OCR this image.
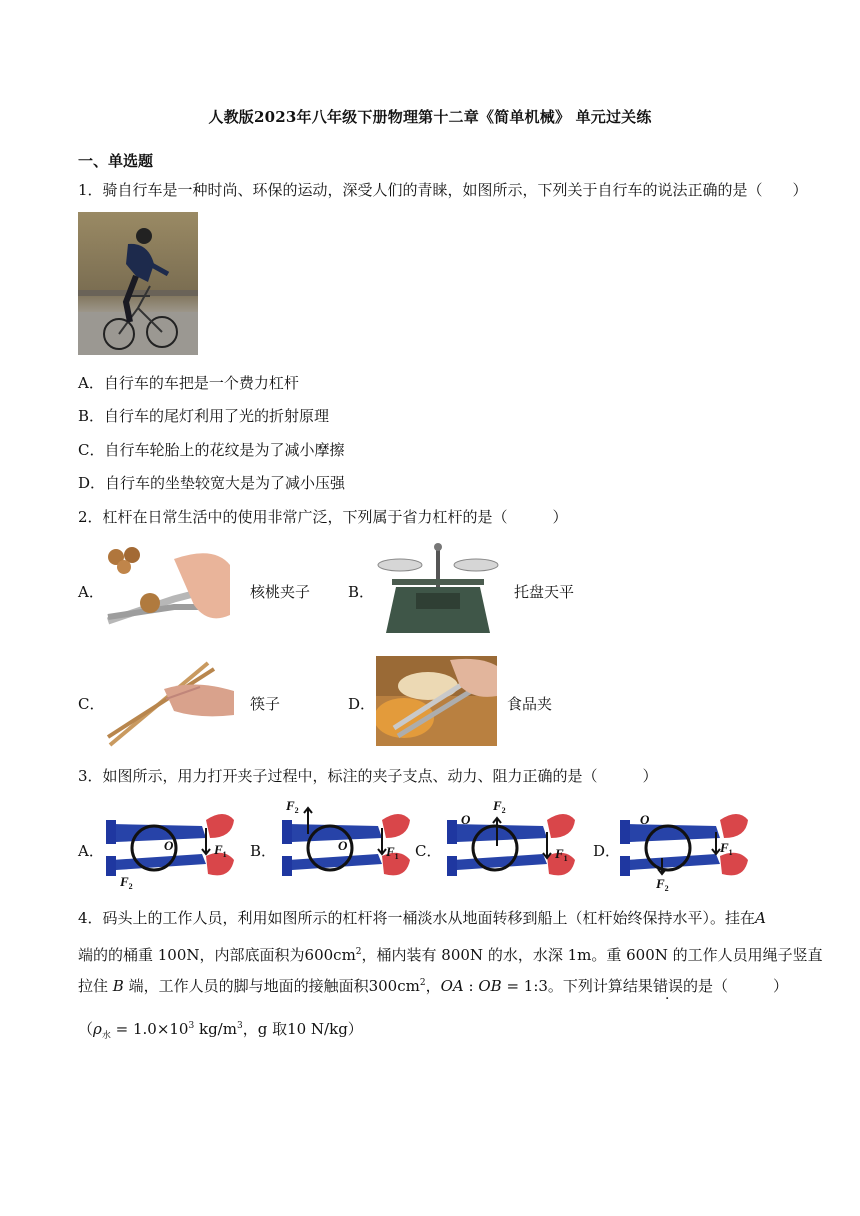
人教版2023年八年级下册物理第十二章《简单机械》 单元过关练
一、单选题
1．骑自行车是一种时尚、环保的运动，深受人们的青睐，如图所示，下列关于自行车的说法正确的是（　　）
A．自行车的车把是一个费力杠杆
B．自行车的尾灯利用了光的折射原理
C．自行车轮胎上的花纹是为了减小摩擦
D．自行车的坐垫较宽大是为了减小压强
2．杠杆在日常生活中的使用非常广泛，下列属于省力杠杆的是（　　　）
A．	核桃夹子	B．	托盘天平
C．	筷子	D．	食品夹
3．如图所示，用力打开夹子过程中，标注的夹子支点、动力、阻力正确的是（　　　）
A．	O	$F_1$
$F_2$
B．	O
$F_2$
$F_1$ C．
O
$F_2$
$F_1$ D．
O
$F_1$
$F_2$
4．码头上的工作人员，利用如图所示的杠杆将一桶淡水从地面转移到船上（杠杆始终保持水平）。挂在A
端的的桶重 100N，内部底面积为$600cm^2$，桶内装有 800N 的水，水深 1m。重 600N 的工作人员用绳子竖直
拉住 B 端，工作人员的脚与地面的接触面积$300cm^2$，OA : OB = 1:3。下列计算结果错误的是（　　　）
（$\rho_水 = 1.0\times 10^3$ $kg/m^3$，g 取10 N/kg）
